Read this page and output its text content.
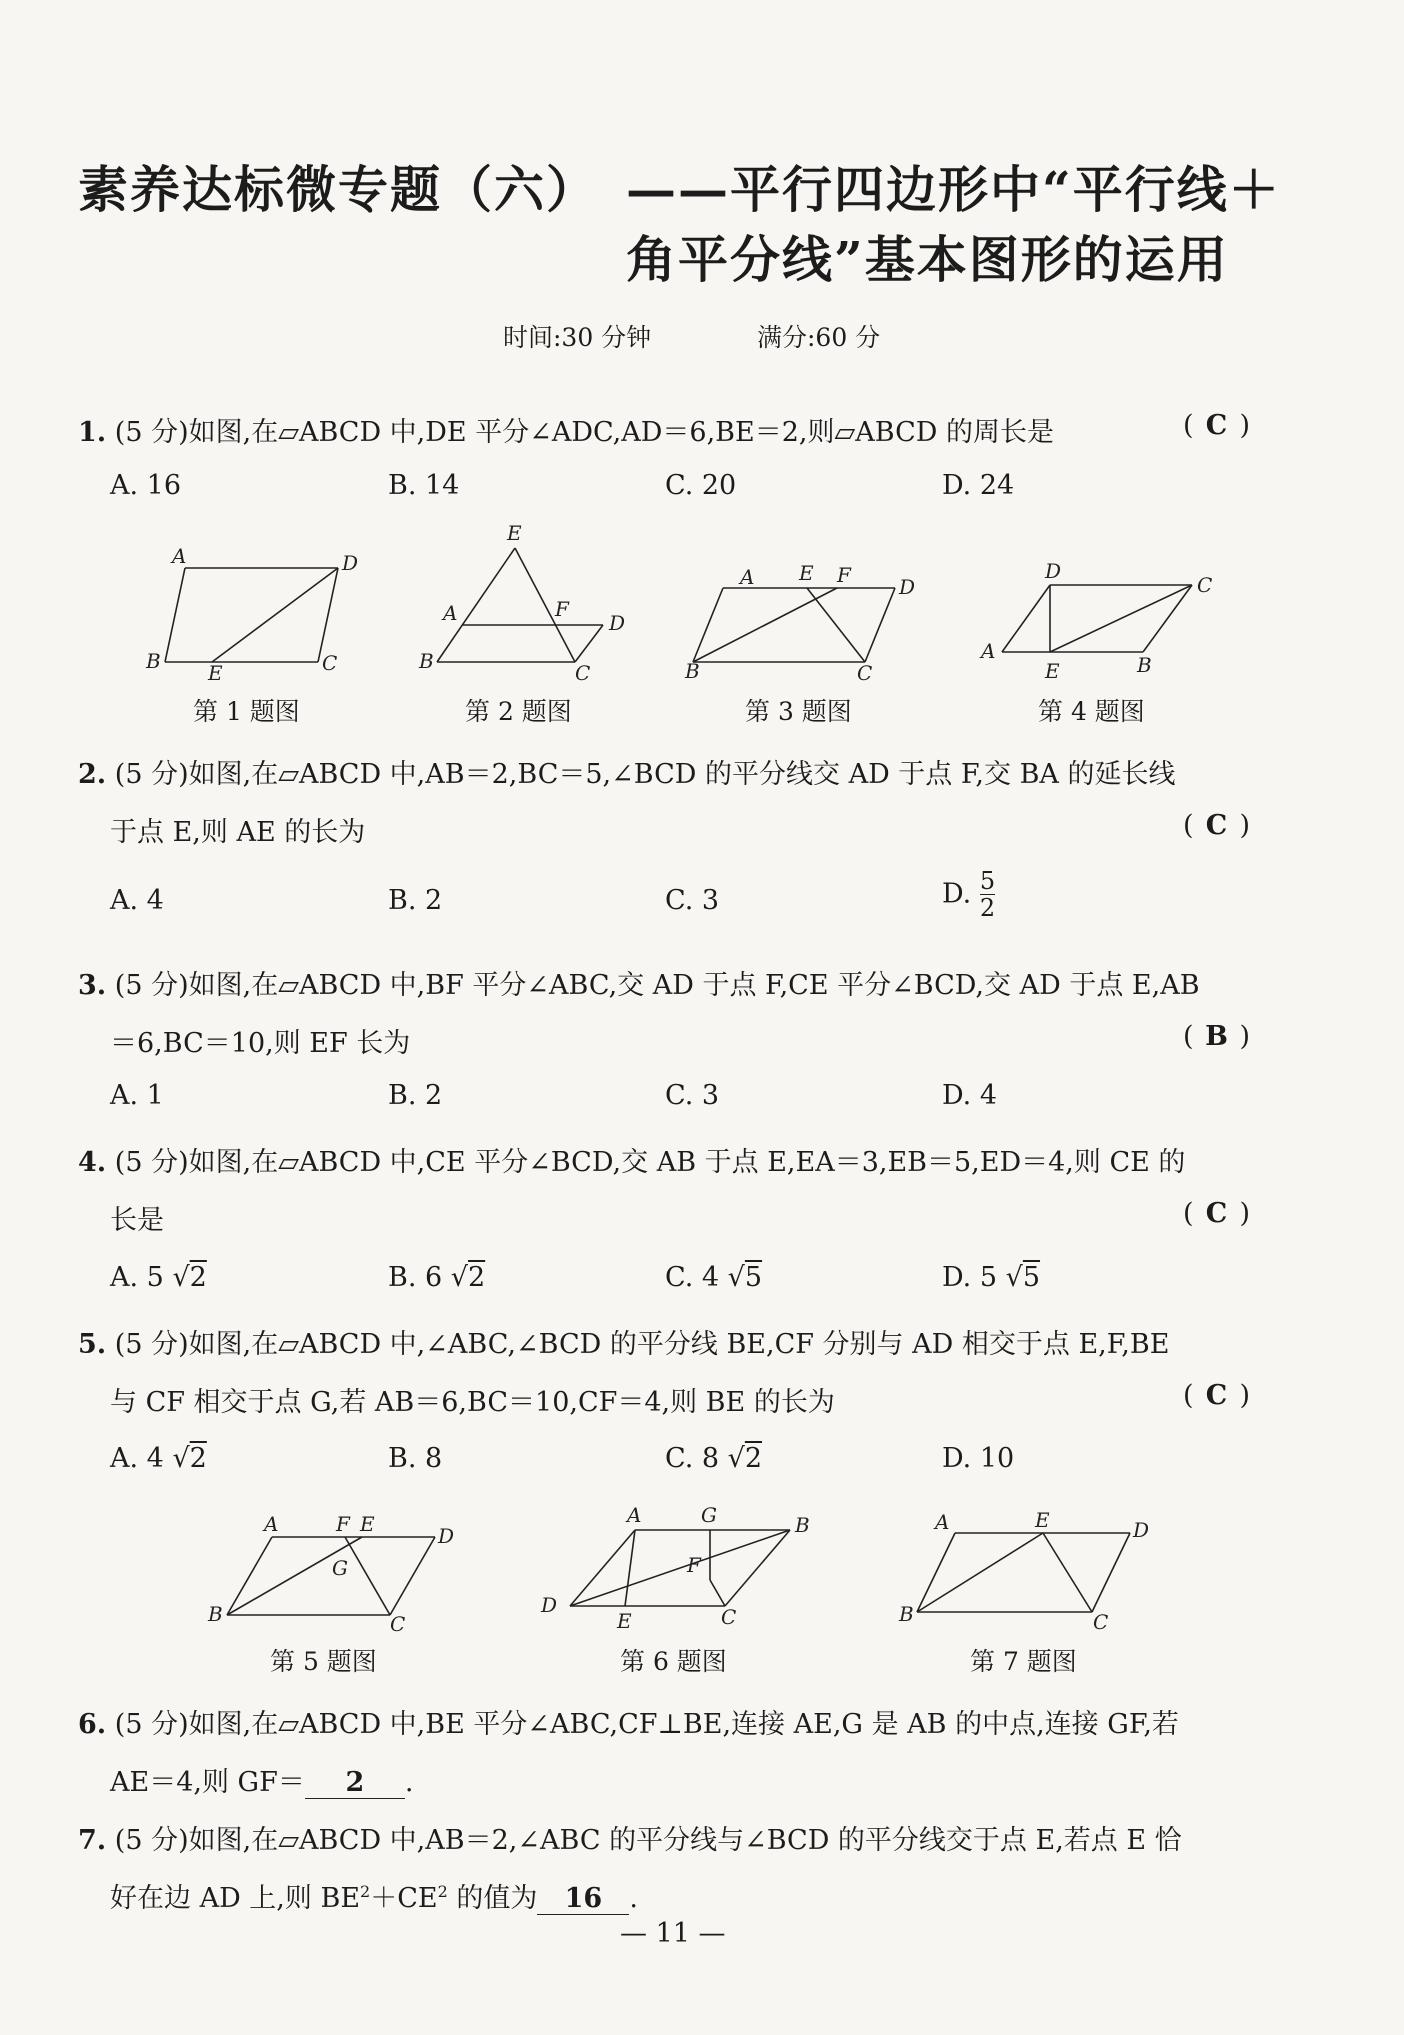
素养达标微专题（六） ——平行四边形中“平行线＋
角平分线”基本图形的运用
时间:30 分钟	满分:60 分
1. (5 分)如图,在▱ABCD 中,DE 平分∠ADC,AD＝6,BE＝2,则▱ABCD 的周长是	( C )
A. 16	B. 14	C. 20	D. 24
A	D
B E	C
E
A	F
D
B	C
A E F D
B	C
D
C
A
E	B
第 1 题图	第 2 题图	第 3 题图	第 4 题图
2. (5 分)如图,在▱ABCD 中,AB＝2,BC＝5,∠BCD 的平分线交 AD 于点 F,交 BA 的延长线
于点 E,则 AE 的长为	( C )
A. 4	B. 2	C. 3	D. $\frac{5}{2}$
3. (5 分)如图,在▱ABCD 中,BF 平分∠ABC,交 AD 于点 F,CE 平分∠BCD,交 AD 于点 E,AB
＝6,BC＝10,则 EF 长为	( B )
A. 1	B. 2	C. 3	D. 4
4. (5 分)如图,在▱ABCD 中,CE 平分∠BCD,交 AB 于点 E,EA＝3,EB＝5,ED＝4,则 CE 的
长是	( C )
A. 5 √2	B. 6 √2	C. 4 √5	D. 5 √5
5. (5 分)如图,在▱ABCD 中,∠ABC,∠BCD 的平分线 BE,CF 分别与 AD 相交于点 E,F,BE
与 CF 相交于点 G,若 AB＝6,BC＝10,CF＝4,则 BE 的长为	( C )
A. 4 √2	B. 8	C. 8 √2	D. 10
A	F E	D
G
B	C
A	G	B
F
D
E	C
A	E	D
B	C
第 5 题图	第 6 题图	第 7 题图
6. (5 分)如图,在▱ABCD 中,BE 平分∠ABC,CF⊥BE,连接 AE,G 是 AB 的中点,连接 GF,若
AE＝4,则 GF＝ 2 .
7. (5 分)如图,在▱ABCD 中,AB＝2,∠ABC 的平分线与∠BCD 的平分线交于点 E,若点 E 恰
好在边 AD 上,则 $BE^2+CE^2$ 的值为 16 .
— 11 —
